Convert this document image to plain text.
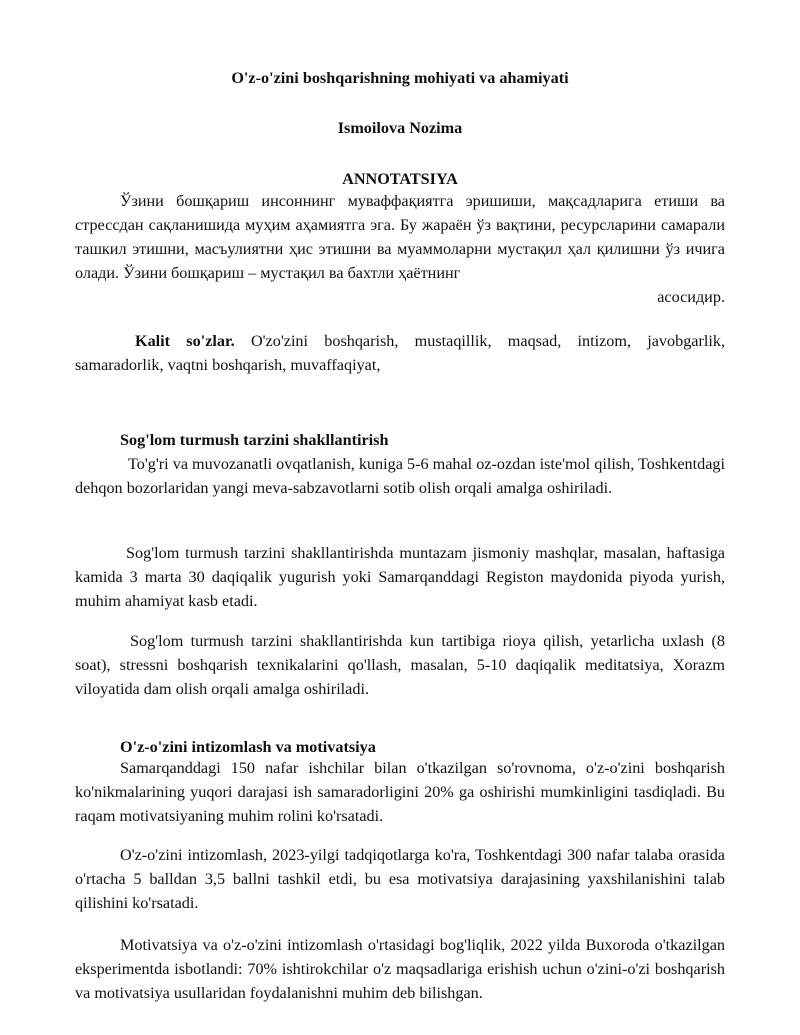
O'z-o'zini boshqarishning mohiyati va ahamiyati
Ismoilova Nozima
ANNOTATSIYA
Ўзини бошқариш инсоннинг муваффақиятга эришиши, мақсадларига етиши ва стрессдан сақланишида муҳим аҳамиятга эга. Бу жараён ўз вақтини, ресурсларини самарали ташкил этишни, масъулиятни ҳис этишни ва муаммоларни мустақил ҳал қилишни ўз ичига олади. Ўзини бошқариш – мустақил ва бахтли ҳаётнинг
асосидир.
Kalit so'zlar. O'zo'zini boshqarish, mustaqillik, maqsad, intizom, javobgarlik, samaradorlik, vaqtni boshqarish, muvaffaqiyat,
Sog'lom turmush tarzini shakllantirish
To'g'ri va muvozanatli ovqatlanish, kuniga 5-6 mahal oz-ozdan iste'mol qilish, Toshkentdagi dehqon bozorlaridan yangi meva-sabzavotlarni sotib olish orqali amalga oshiriladi.
Sog'lom turmush tarzini shakllantirishda muntazam jismoniy mashqlar, masalan, haftasiga kamida 3 marta 30 daqiqalik yugurish yoki Samarqanddagi Registon maydonida piyoda yurish, muhim ahamiyat kasb etadi.
Sog'lom turmush tarzini shakllantirishda kun tartibiga rioya qilish, yetarlicha uxlash (8 soat), stressni boshqarish texnikalarini qo'llash, masalan, 5-10 daqiqalik meditatsiya, Xorazm viloyatida dam olish orqali amalga oshiriladi.
O'z-o'zini intizomlash va motivatsiya
Samarqanddagi 150 nafar ishchilar bilan o'tkazilgan so'rovnoma, o'z-o'zini boshqarish ko'nikmalarining yuqori darajasi ish samaradorligini 20% ga oshirishi mumkinligini tasdiqladi. Bu raqam motivatsiyaning muhim rolini ko'rsatadi.
O'z-o'zini intizomlash, 2023-yilgi tadqiqotlarga ko'ra, Toshkentdagi 300 nafar talaba orasida o'rtacha 5 balldan 3,5 ballni tashkil etdi, bu esa motivatsiya darajasining yaxshilanishini talab qilishini ko'rsatadi.
Motivatsiya va o'z-o'zini intizomlash o'rtasidagi bog'liqlik, 2022 yilda Buxoroda o'tkazilgan eksperimentda isbotlandi: 70% ishtirokchilar o'z maqsadlariga erishish uchun o'zini-o'zi boshqarish va motivatsiya usullaridan foydalanishni muhim deb bilishgan.
